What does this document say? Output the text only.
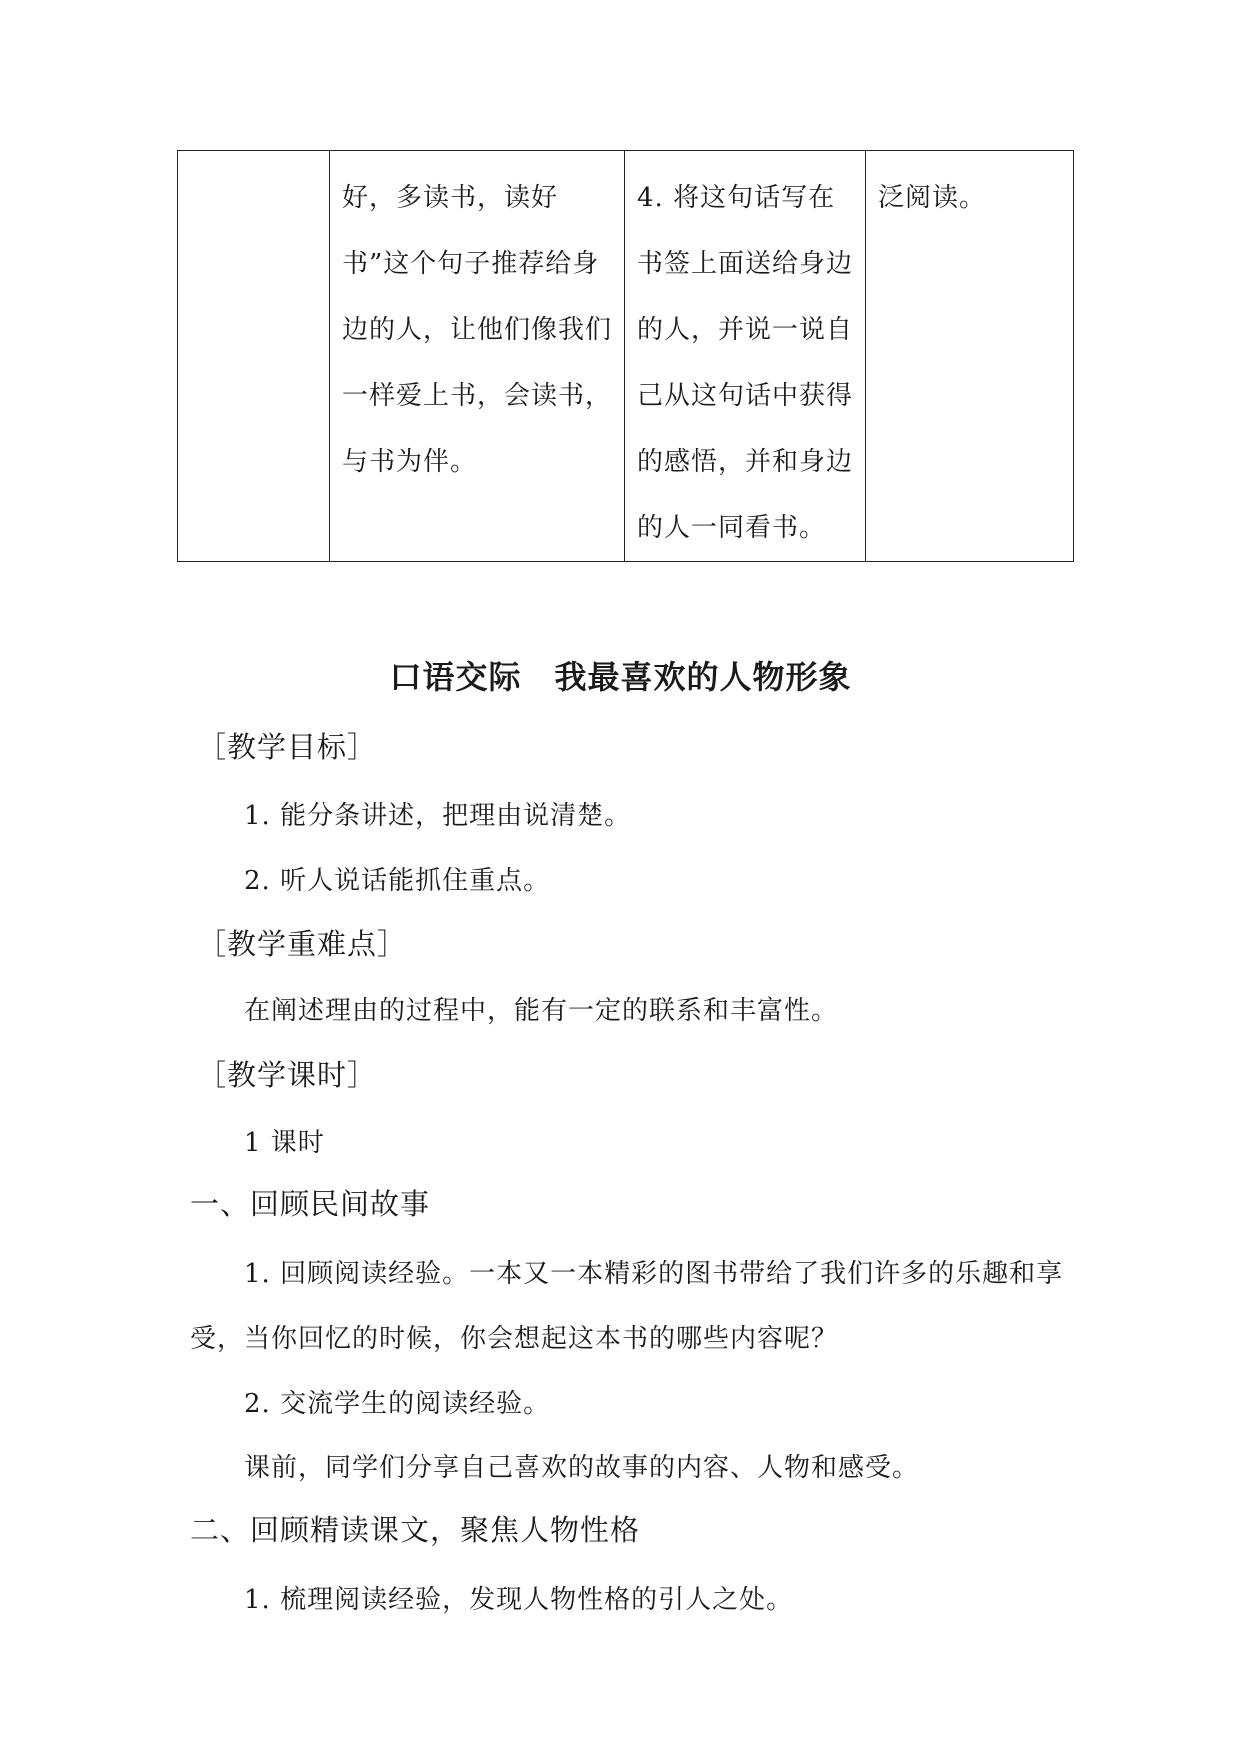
	好，多读书，读好书”这个句子推荐给身边的人，让他们像我们一样爱上书，会读书，与书为伴。	4. 将这句话写在书签上面送给身边的人，并说一说自己从这句话中获得的感悟，并和身边的人一同看书。	泛阅读。
口语交际　我最喜欢的人物形象
［教学目标］
1. 能分条讲述，把理由说清楚。
2. 听人说话能抓住重点。
［教学重难点］
在阐述理由的过程中，能有一定的联系和丰富性。
［教学课时］
1 课时
一、回顾民间故事
1. 回顾阅读经验。一本又一本精彩的图书带给了我们许多的乐趣和享
受，当你回忆的时候，你会想起这本书的哪些内容呢？
2. 交流学生的阅读经验。
课前，同学们分享自己喜欢的故事的内容、人物和感受。
二、回顾精读课文，聚焦人物性格
1. 梳理阅读经验，发现人物性格的引人之处。
